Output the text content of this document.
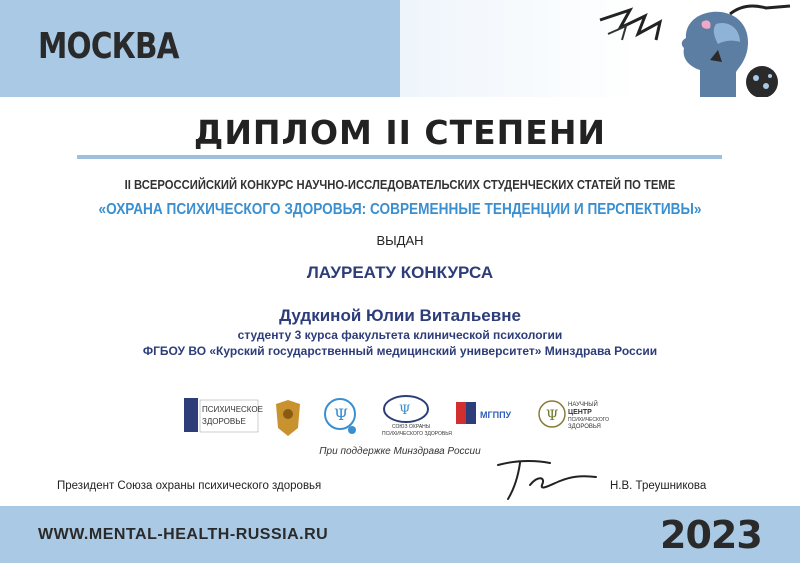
МОСКВА
ДИПЛОМ II СТЕПЕНИ
II ВСЕРОССИЙСКИЙ КОНКУРС НАУЧНО-ИССЛЕДОВАТЕЛЬСКИХ СТУДЕНЧЕСКИХ СТАТЕЙ ПО ТЕМЕ
«ОХРАНА ПСИХИЧЕСКОГО ЗДОРОВЬЯ: СОВРЕМЕННЫЕ ТЕНДЕНЦИИ И ПЕРСПЕКТИВЫ»
ВЫДАН
ЛАУРЕАТУ КОНКУРСА
Дудкиной Юлии Витальевне
студенту 3 курса факультета клинической психологии
ФГБОУ ВО «Курский государственный медицинский университет» Минздрава России
ПСИХИЧЕСКОЕ
ЗДОРОВЬЕ	Ψ	Ψ
СОЮЗ ОХРАНЫ
ПСИХИЧЕСКОГО ЗДОРОВЬЯ
МГППУ Ψ
НАУЧНЫЙ
ЦЕНТР
ПСИХИЧЕСКОГО
ЗДОРОВЬЯ
При поддержке Минздрава России
Президент Союза охраны психического здоровья	Н.В. Треушникова
WWW.MENTAL-HEALTH-RUSSIA.RU	2023
